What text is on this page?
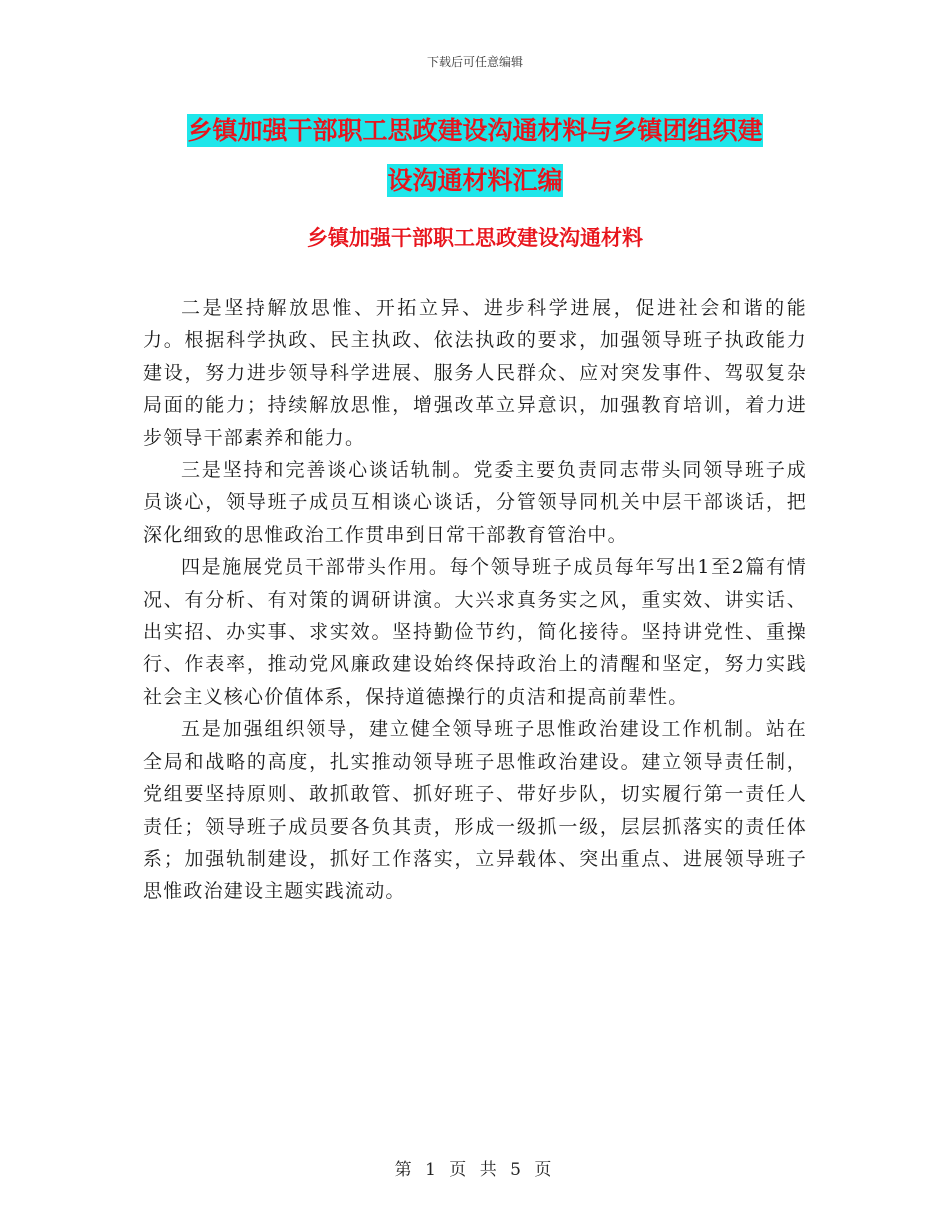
下载后可任意编辑
乡镇加强干部职工思政建设沟通材料与乡镇团组织建
设沟通材料汇编
乡镇加强干部职工思政建设沟通材料

二是坚持解放思惟、开拓立异、进步科学进展，促进社会和谐的能力。根据科学执政、民主执政、依法执政的要求，加强领导班子执政能力建设，努力进步领导科学进展、服务人民群众、应对突发事件、驾驭复杂局面的能力；持续解放思惟，增强改革立异意识，加强教育培训，着力进步领导干部素养和能力。

三是坚持和完善谈心谈话轨制。党委主要负责同志带头同领导班子成员谈心，领导班子成员互相谈心谈话，分管领导同机关中层干部谈话，把深化细致的思惟政治工作贯串到日常干部教育管治中。

四是施展党员干部带头作用。每个领导班子成员每年写出1至2篇有情况、有分析、有对策的调研讲演。大兴求真务实之风，重实效、讲实话、出实招、办实事、求实效。坚持勤俭节约，简化接待。坚持讲党性、重操行、作表率，推动党风廉政建设始终保持政治上的清醒和坚定，努力实践社会主义核心价值体系，保持道德操行的贞洁和提高前辈性。

五是加强组织领导，建立健全领导班子思惟政治建设工作机制。站在全局和战略的高度，扎实推动领导班子思惟政治建设。建立领导责任制，党组要坚持原则、敢抓敢管、抓好班子、带好步队，切实履行第一责任人责任；领导班子成员要各负其责，形成一级抓一级，层层抓落实的责任体系；加强轨制建设，抓好工作落实，立异载体、突出重点、进展领导班子思惟政治建设主题实践流动。

第 1 页 共 5 页
